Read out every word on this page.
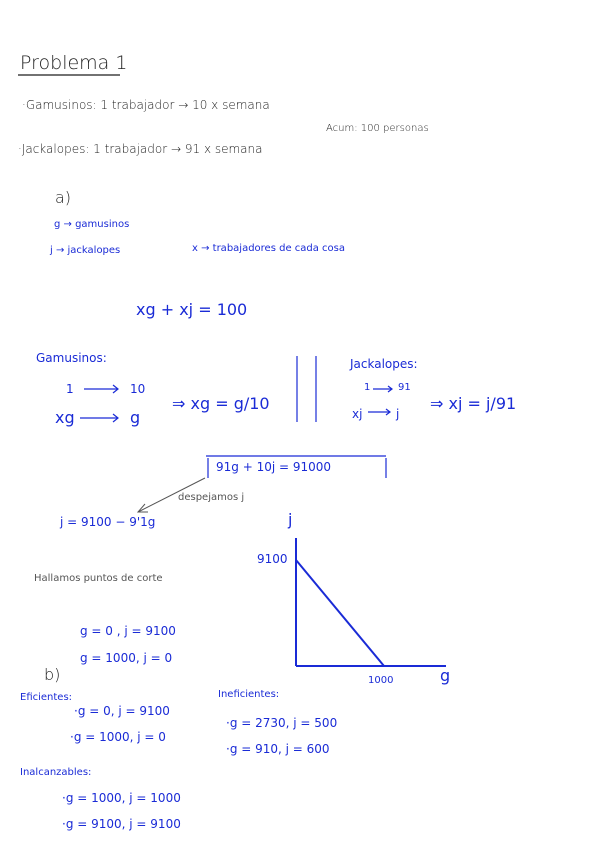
Problema 1
·Gamusinos: 1 trabajador → 10 x semana
Acum: 100 personas
·Jackalopes: 1 trabajador → 91 x semana
a)
g → gamusinos
j → jackalopes	x → trabajadores de cada cosa
xg + xj = 100
Gamusinos:
1	10
xg	g
⇒ xg = g/10
Jackalopes:
1	91
xj	j
⇒ xj = j/91
91g + 10j = 91000
despejamos j
j = 9100 − 9'1g
Hallamos puntos de corte
g = 0 , j = 9100
g = 1000, j = 0
j
g
9100
1000
b)
Eficientes:
·g = 0, j = 9100
·g = 1000, j = 0
Ineficientes:
·g = 2730, j = 500
·g = 910, j = 600
Inalcanzables:
·g = 1000, j = 1000
·g = 9100, j = 9100
